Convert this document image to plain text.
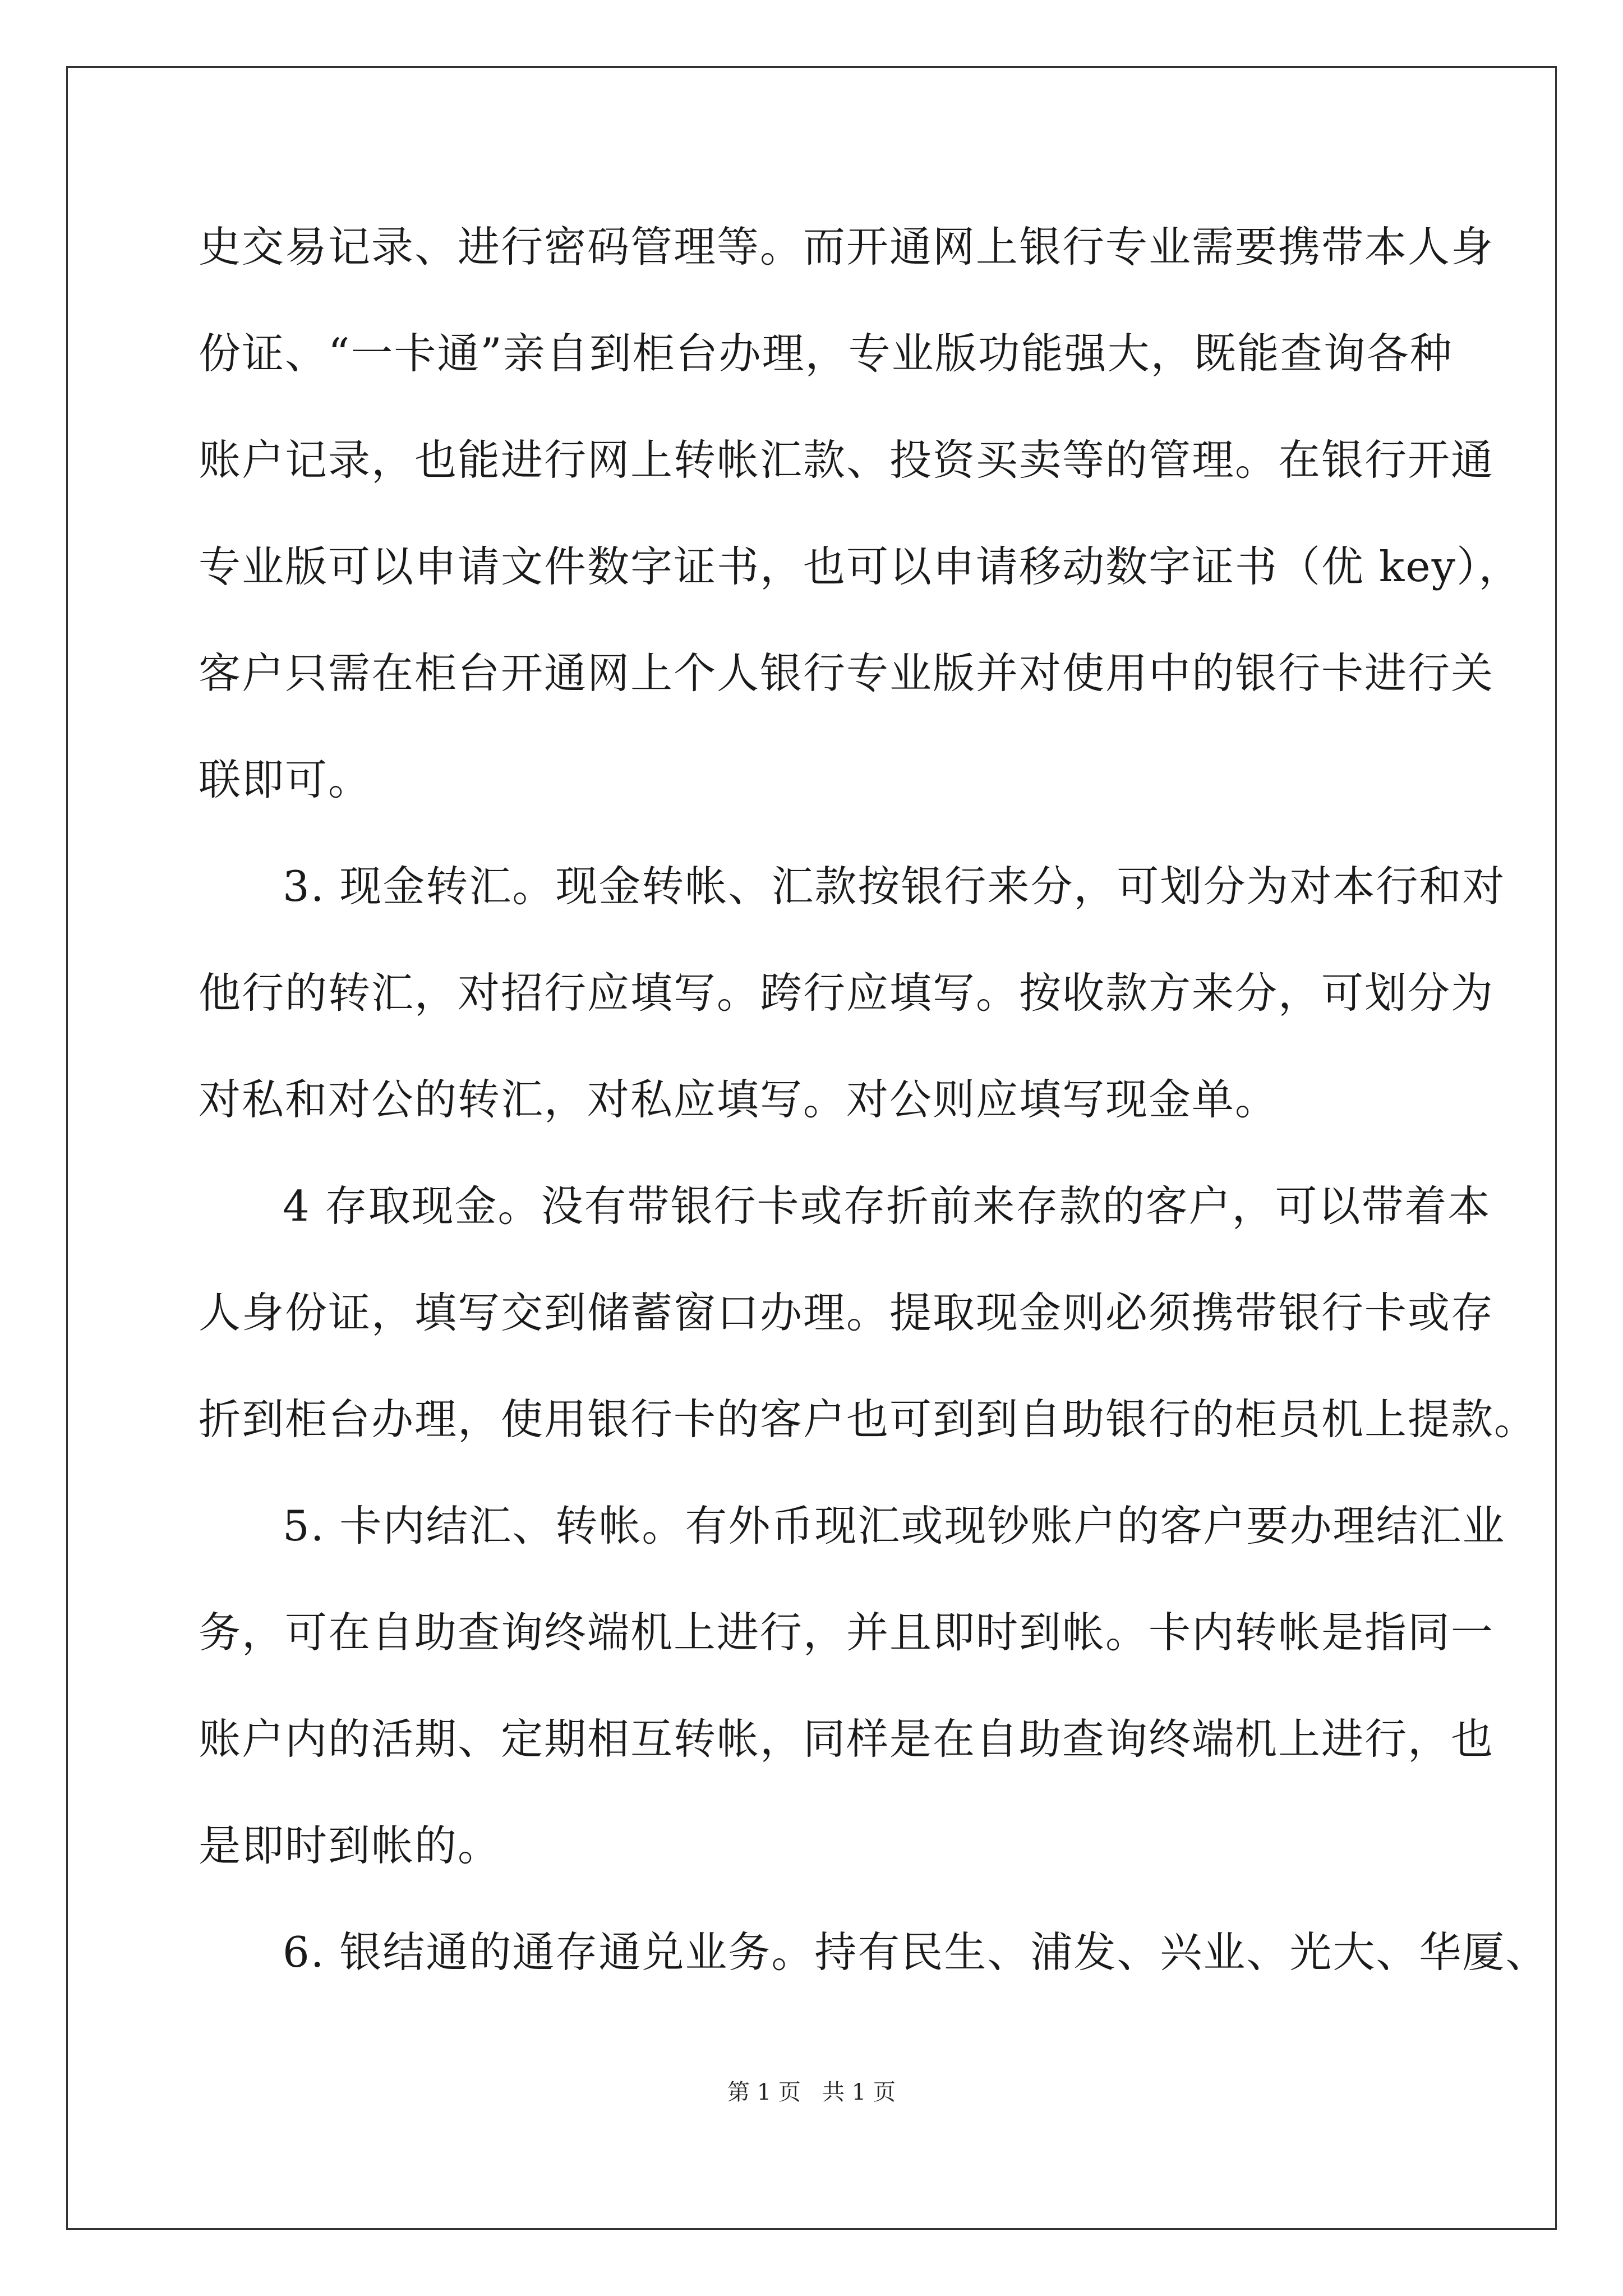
史交易记录、进行密码管理等。而开通网上银行专业需要携带本人身
份证、“一卡通”亲自到柜台办理，专业版功能强大，既能查询各种
账户记录，也能进行网上转帐汇款、投资买卖等的管理。在银行开通
专业版可以申请文件数字证书，也可以申请移动数字证书（优 key），
客户只需在柜台开通网上个人银行专业版并对使用中的银行卡进行关
联即可。
3. 现金转汇。现金转帐、汇款按银行来分，可划分为对本行和对
他行的转汇，对招行应填写。跨行应填写。按收款方来分，可划分为
对私和对公的转汇，对私应填写。对公则应填写现金单。
4 存取现金。没有带银行卡或存折前来存款的客户，可以带着本
人身份证，填写交到储蓄窗口办理。提取现金则必须携带银行卡或存
折到柜台办理，使用银行卡的客户也可到到自助银行的柜员机上提款。
5. 卡内结汇、转帐。有外币现汇或现钞账户的客户要办理结汇业
务，可在自助查询终端机上进行，并且即时到帐。卡内转帐是指同一
账户内的活期、定期相互转帐，同样是在自助查询终端机上进行，也
是即时到帐的。
6. 银结通的通存通兑业务。持有民生、浦发、兴业、光大、华厦、
第 1 页   共 1 页
